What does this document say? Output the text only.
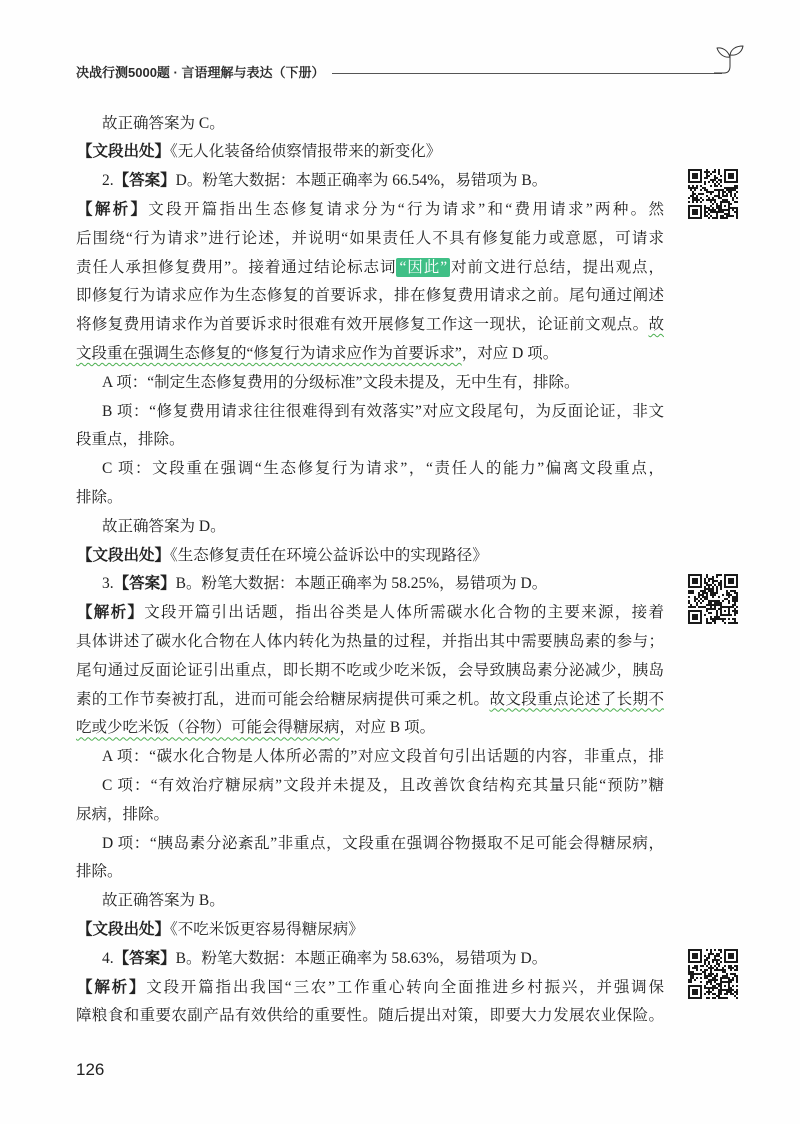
决战行测5000题 · 言语理解与表达（下册）
故正确答案为 C。
【文段出处】《无人化装备给侦察情报带来的新变化》
2.【答案】D。粉笔大数据：本题正确率为 66.54%，易错项为 B。
【解析】文段开篇指出生态修复请求分为“行为请求”和“费用请求”两种。然
后围绕“行为请求”进行论述，并说明“如果责任人不具有修复能力或意愿，可请求
责任人承担修复费用”。接着通过结论标志词 “因此” 对前文进行总结，提出观点，
即修复行为请求应作为生态修复的首要诉求，排在修复费用请求之前。尾句通过阐述
将修复费用请求作为首要诉求时很难有效开展修复工作这一现状，论证前文观点。故
文段重在强调生态修复的“修复行为请求应作为首要诉求”，对应 D 项。
A 项：“制定生态修复费用的分级标准”文段未提及，无中生有，排除。
B 项：“修复费用请求往往很难得到有效落实”对应文段尾句，为反面论证，非文
段重点，排除。
C 项：文段重在强调“生态修复行为请求”，“责任人的能力”偏离文段重点，
排除。
故正确答案为 D。
【文段出处】《生态修复责任在环境公益诉讼中的实现路径》
3.【答案】B。粉笔大数据：本题正确率为 58.25%，易错项为 D。
【解析】文段开篇引出话题，指出谷类是人体所需碳水化合物的主要来源，接着
具体讲述了碳水化合物在人体内转化为热量的过程，并指出其中需要胰岛素的参与；
尾句通过反面论证引出重点，即长期不吃或少吃米饭，会导致胰岛素分泌减少，胰岛
素的工作节奏被打乱，进而可能会给糖尿病提供可乘之机。故文段重点论述了长期不
吃或少吃米饭（谷物）可能会得糖尿病，对应 B 项。
A 项：“碳水化合物是人体所必需的”对应文段首句引出话题的内容，非重点，排
C 项：“有效治疗糖尿病”文段并未提及，且改善饮食结构充其量只能“预防”糖
尿病，排除。
D 项：“胰岛素分泌紊乱”非重点，文段重在强调谷物摄取不足可能会得糖尿病，
排除。
故正确答案为 B。
【文段出处】《不吃米饭更容易得糖尿病》
4.【答案】B。粉笔大数据：本题正确率为 58.63%，易错项为 D。
【解析】文段开篇指出我国“三农”工作重心转向全面推进乡村振兴，并强调保
障粮食和重要农副产品有效供给的重要性。随后提出对策，即要大力发展农业保险。
126
